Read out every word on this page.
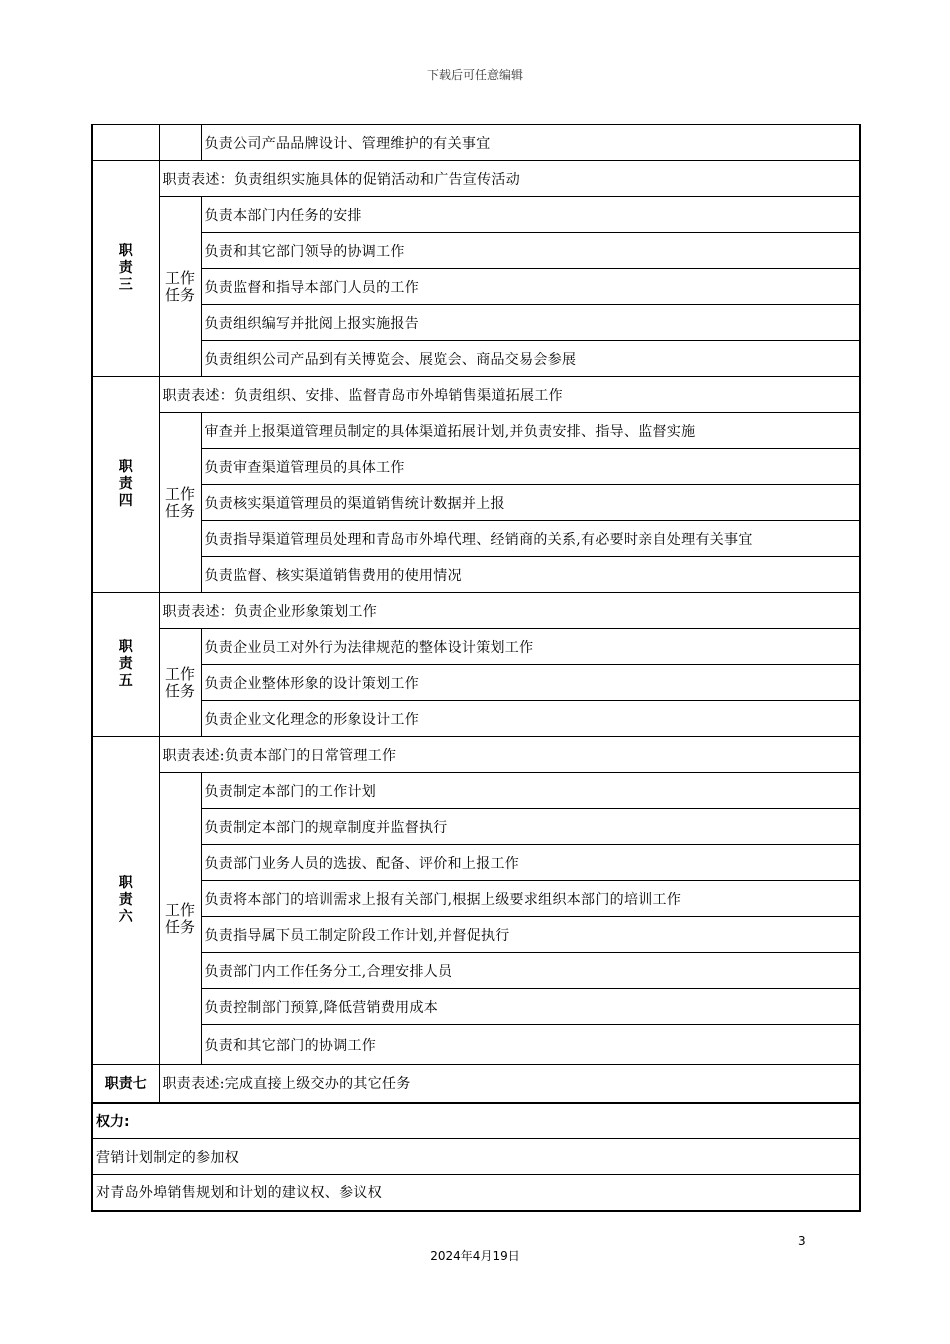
下载后可任意编辑
		负责公司产品品牌设计、管理维护的有关事宜

职责三	职责表述：负责组织实施具体的促销活动和广告宣传活动	

	工作任务	负责本部门内任务的安排
		负责和其它部门领导的协调工作
		负责监督和指导本部门人员的工作
		负责组织编写并批阅上报实施报告
		负责组织公司产品到有关博览会、展览会、商品交易会参展

职责四	职责表述：负责组织、安排、监督青岛市外埠销售渠道拓展工作	

	工作任务	审查并上报渠道管理员制定的具体渠道拓展计划,并负责安排、指导、监督实施
		负责审查渠道管理员的具体工作
		负责核实渠道管理员的渠道销售统计数据并上报
		负责指导渠道管理员处理和青岛市外埠代理、经销商的关系,有必要时亲自处理有关事宜
		负责监督、核实渠道销售费用的使用情况

职责五	职责表述：负责企业形象策划工作	

	工作任务	负责企业员工对外行为法律规范的整体设计策划工作
		负责企业整体形象的设计策划工作
		负责企业文化理念的形象设计工作

职责六	职责表述:负责本部门的日常管理工作	

	工作任务	负责制定本部门的工作计划
		负责制定本部门的规章制度并监督执行
		负责部门业务人员的选拔、配备、评价和上报工作
		负责将本部门的培训需求上报有关部门,根据上级要求组织本部门的培训工作
		负责指导属下员工制定阶段工作计划,并督促执行
		负责部门内工作任务分工,合理安排人员
		负责控制部门预算,降低营销费用成本
		负责和其它部门的协调工作
职责七	职责表述:完成直接上级交办的其它任务	
权力:		
营销计划制定的参加权		
对青岛外埠销售规划和计划的建议权、参议权		
3
2024年4月19日
